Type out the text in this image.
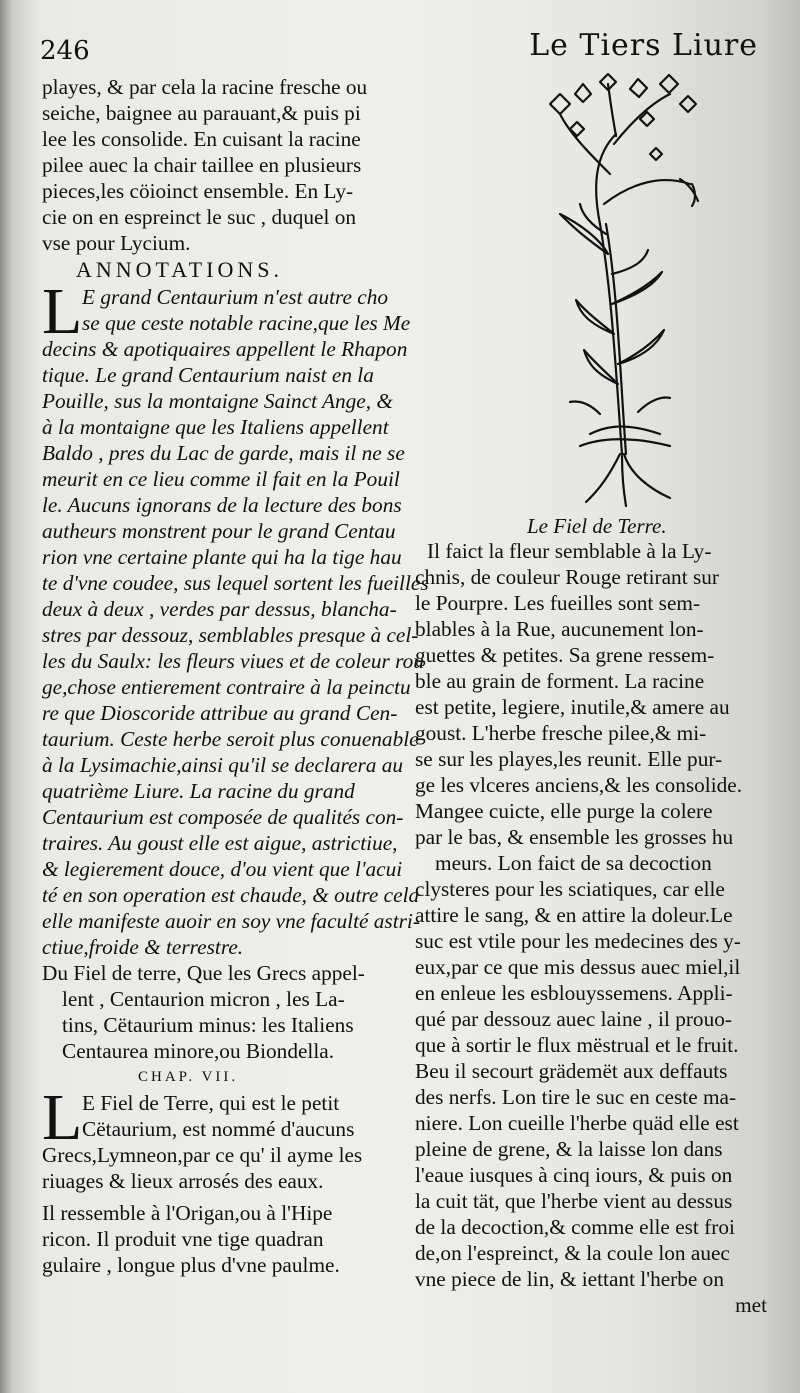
246	Le Tiers Liure
playes, & par cela la racine fresche ou
seiche, baignee au parauant,& puis pi
lee les consolide. En cuisant la racine
pilee auec la chair taillee en plusieurs
pieces,les cöioinct ensemble. En Ly-
cie on en espreinct le suc , duquel on
vse pour Lycium.
ANNOTATIONS.
L E grand Centaurium n'est autre cho
se que ceste notable racine,que les Me
decins & apotiquaires appellent le Rhapon
tique. Le grand Centaurium naist en la
Pouille, sus la montaigne Sainct Ange, &
à la montaigne que les Italiens appellent
Baldo , pres du Lac de garde, mais il ne se
meurit en ce lieu comme il fait en la Pouil
le. Aucuns ignorans de la lecture des bons
autheurs monstrent pour le grand Centau
rion vne certaine plante qui ha la tige hau
te d'vne coudee, sus lequel sortent les fueilles
deux à deux , verdes par dessus, blancha-
stres par dessouz, semblables presque à cel-
les du Saulx: les fleurs viues et de coleur rou
ge,chose entierement contraire à la peinctu
re que Dioscoride attribue au grand Cen-
taurium. Ceste herbe seroit plus conuenable
à la Lysimachie,ainsi qu'il se declarera au
quatrième Liure. La racine du grand
Centaurium est composée de qualités con-
traires. Au goust elle est aigue, astrictiue,
& legierement douce, d'ou vient que l'acui
té en son operation est chaude, & outre cela
elle manifeste auoir en soy vne faculté astri-
ctiue,froide & terrestre.
Du Fiel de terre, Que les Grecs appel-
lent , Centaurion micron , les La-
tins, Cëtaurium minus: les Italiens
Centaurea minore,ou Biondella.
CHAP. VII.
L E Fiel de Terre, qui est le petit
Cëtaurium, est nommé d'aucuns
Grecs,Lymneon,par ce qu' il ayme les
riuages & lieux arrosés des eaux.
Il ressemble à l'Origan,ou à l'Hipe
ricon. Il produit vne tige quadran
gulaire , longue plus d'vne paulme.
Le Fiel de Terre.
Il faict la fleur semblable à la Ly-
chnis, de couleur Rouge retirant sur
le Pourpre. Les fueilles sont sem-
blables à la Rue, aucunement lon-
guettes & petites. Sa grene ressem-
ble au grain de forment. La racine
est petite, legiere, inutile,& amere au
goust. L'herbe fresche pilee,& mi-
se sur les playes,les reunit. Elle pur-
ge les vlceres anciens,& les consolide.
Mangee cuicte, elle purge la colere
par le bas, & ensemble les grosses hu
meurs. Lon faict de sa decoction
clysteres pour les sciatiques, car elle
attire le sang, & en attire la doleur.Le
suc est vtile pour les medecines des y-
eux,par ce que mis dessus auec miel,il
en enleue les esblouyssemens. Appli-
qué par dessouz auec laine , il prouo-
que à sortir le flux mëstrual et le fruit.
Beu il secourt grädemët aux deffauts
des nerfs. Lon tire le suc en ceste ma-
niere. Lon cueille l'herbe quäd elle est
pleine de grene, & la laisse lon dans
l'eaue iusques à cinq iours, & puis on
la cuit tät, que l'herbe vient au dessus
de la decoction,& comme elle est froi
de,on l'espreinct, & la coule lon auec
vne piece de lin, & iettant l'herbe on
met
